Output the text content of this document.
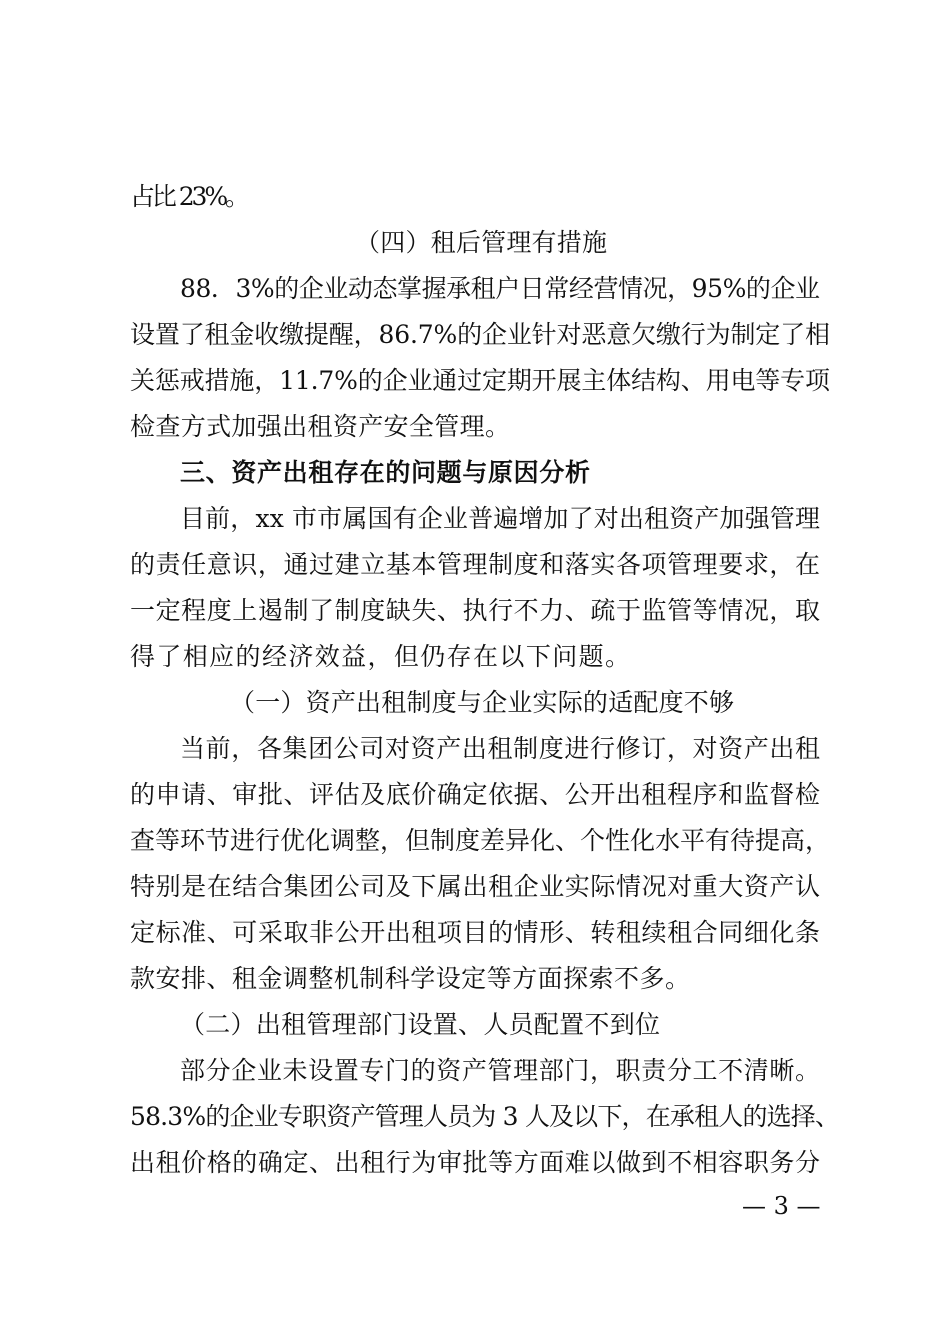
占比 23%。

（四）租后管理有措施

88．3%的企业动态掌握承租户日常经营情况，95%的企业

设置了租金收缴提醒，86.7%的企业针对恶意欠缴行为制定了相

关惩戒措施，11.7%的企业通过定期开展主体结构、用电等专项

检查方式加强出租资产安全管理。

三、资产出租存在的问题与原因分析

目前，xx 市市属国有企业普遍增加了对出租资产加强管理

的责任意识，通过建立基本管理制度和落实各项管理要求，在

一定程度上遏制了制度缺失、执行不力、疏于监管等情况，取

得了相应的经济效益，但仍存在以下问题。

（一）资产出租制度与企业实际的适配度不够

当前，各集团公司对资产出租制度进行修订，对资产出租

的申请、审批、评估及底价确定依据、公开出租程序和监督检

查等环节进行优化调整，但制度差异化、个性化水平有待提高，

特别是在结合集团公司及下属出租企业实际情况对重大资产认

定标准、可采取非公开出租项目的情形、转租续租合同细化条

款安排、租金调整机制科学设定等方面探索不多。

（二）出租管理部门设置、人员配置不到位

部分企业未设置专门的资产管理部门，职责分工不清晰。

58.3%的企业专职资产管理人员为 3 人及以下，在承租人的选择、

出租价格的确定、出租行为审批等方面难以做到不相容职务分

— 3 —
